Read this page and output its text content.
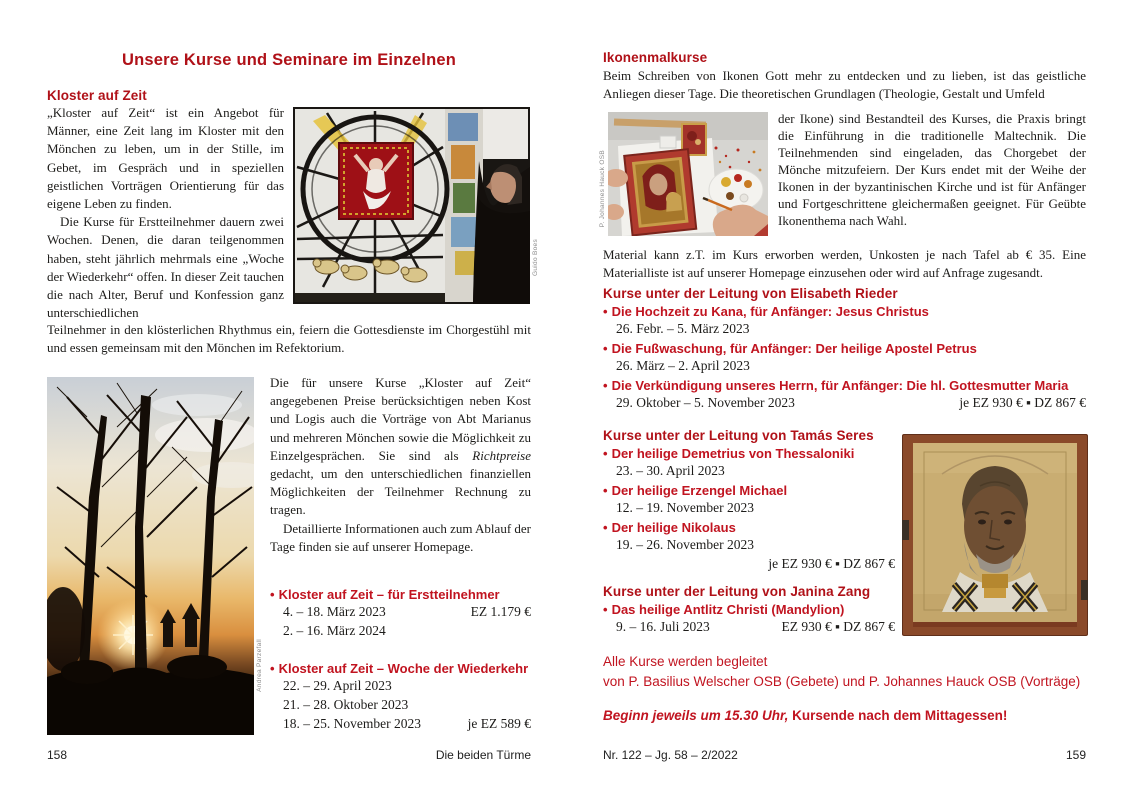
Unsere Kurse und Seminare im Einzelnen
Kloster auf Zeit

„Kloster auf Zeit“ ist ein Angebot für Männer, eine Zeit lang im Kloster mit den Mönchen zu leben, um in der Stille, im Gebet, im Gespräch und in speziellen geistlichen Vorträgen Orientierung für das eigene Leben zu finden.

Die Kurse für Erstteilnehmer dauern zwei Wochen. Denen, die daran teilgenommen haben, steht jährlich mehrmals eine „Woche der Wiederkehr“ offen. In dieser Zeit tauchen die nach Alter, Beruf und Konfession ganz unterschiedlichen

Teilnehmer in den klösterlichen Rhythmus ein, feiern die Gottesdienste im Chorgestühl mit und essen gemeinsam mit den Mönchen im Refektorium.
Guido Boes
Andrea Parzefall

Die für unsere Kurse „Kloster auf Zeit“ angegebenen Preise berücksichtigen neben Kost und Logis auch die Vorträge von Abt Marianus und mehreren Mönchen sowie die Möglichkeit zu Einzelgesprächen. Sie sind als Richtpreise gedacht, um den unterschiedlichen finanziellen Möglichkeiten der Teilnehmer Rechnung zu tragen.

Detaillierte Informationen auch zum Ablauf der Tage finden sie auf unserer Homepage.

• Kloster auf Zeit – für Erstteilnehmer
4. – 18. März 2023	EZ 1.179 €
2. – 16. März 2024
• Kloster auf Zeit – Woche der Wiederkehr
22. – 29. April 2023
21. – 28. Oktober 2023
18. – 25. November 2023	je EZ 589 €
158	Die beiden Türme
Ikonenmalkurse
Beim Schreiben von Ikonen Gott mehr zu entdecken und zu lieben, ist das geistliche Anliegen dieser Tage. Die theoretischen Grundlagen (Theologie, Gestalt und Umfeld
P. Johannes Hauck OSB
der Ikone) sind Bestandteil des Kurses, die Praxis bringt die Einführung in die traditionelle Maltechnik. Die Teilnehmenden sind eingeladen, das Chorgebet der Mönche mitzufeiern. Der Kurs endet mit der Weihe der Ikonen in der byzantinischen Kirche und ist für Anfänger und Fortgeschrittene gleichermaßen geeignet. Für Geübte Ikonenthema nach Wahl.
Material kann z.T. im Kurs erworben werden, Unkosten je nach Tafel ab € 35. Eine Materialliste ist auf unserer Homepage einzusehen oder wird auf Anfrage zugesandt.
Kurse unter der Leitung von Elisabeth Rieder
• Die Hochzeit zu Kana, für Anfänger: Jesus Christus
26. Febr. – 5. März 2023
• Die Fußwaschung, für Anfänger: Der heilige Apostel Petrus
26. März – 2. April 2023
• Die Verkündigung unseres Herrn, für Anfänger: Die hl. Gottesmutter Maria
29. Oktober – 5. November 2023	je EZ 930 € ▪ DZ 867 €
Kurse unter der Leitung von Tamás Seres
• Der heilige Demetrius von Thessaloniki
23. – 30. April 2023
• Der heilige Erzengel Michael
12. – 19. November 2023
• Der heilige Nikolaus
19. – 26. November 2023
je EZ 930 € ▪ DZ 867 €
Kurse unter der Leitung von Janina Zang
• Das heilige Antlitz Christi (Mandylion)
9. – 16. Juli 2023	EZ 930 € ▪ DZ 867 €
Alle Kurse werden begleitet
von P. Basilius Welscher OSB (Gebete) und P. Johannes Hauck OSB (Vorträge)
Beginn jeweils um 15.30 Uhr, Kursende nach dem Mittagessen!
Nr. 122 – Jg. 58 – 2/2022	159
